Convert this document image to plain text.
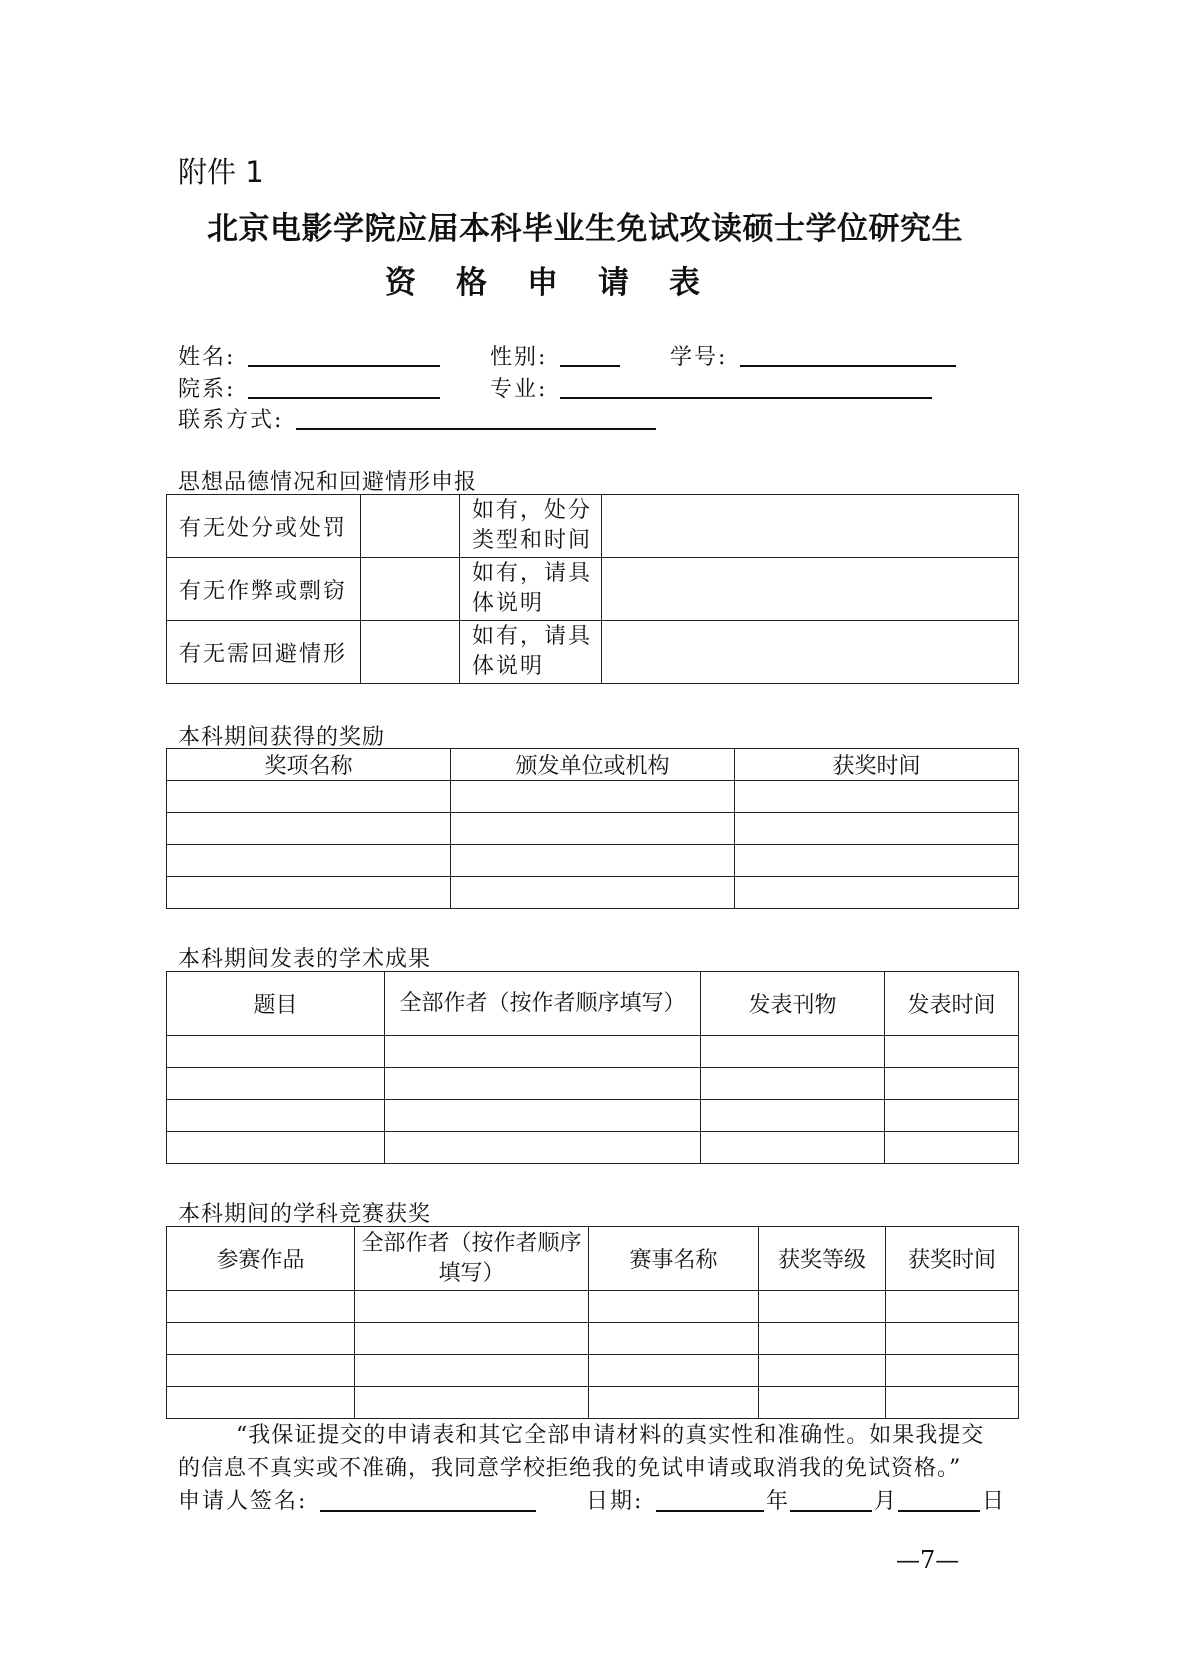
附件 1
北京电影学院应届本科毕业生免试攻读硕士学位研究生
资格申请表
姓名:	性别:	学号:
院系:	专业:
联系方式:
思想品德情况和回避情形申报
有无处分或处罚		如有，处分类型和时间	
有无作弊或剽窃		如有，请具体说明	
有无需回避情形		如有，请具体说明	
本科期间获得的奖励
奖项名称	颁发单位或机构	获奖时间

本科期间发表的学术成果
题目	全部作者（按作者顺序填写）	发表刊物	发表时间

本科期间的学科竞赛获奖
参赛作品	全部作者（按作者顺序填写）	赛事名称	获奖等级	获奖时间

“我保证提交的申请表和其它全部申请材料的真实性和准确性。如果我提交
的信息不真实或不准确，我同意学校拒绝我的免试申请或取消我的免试资格。”
申请人签名:	日期:	年	月	日
—7—
